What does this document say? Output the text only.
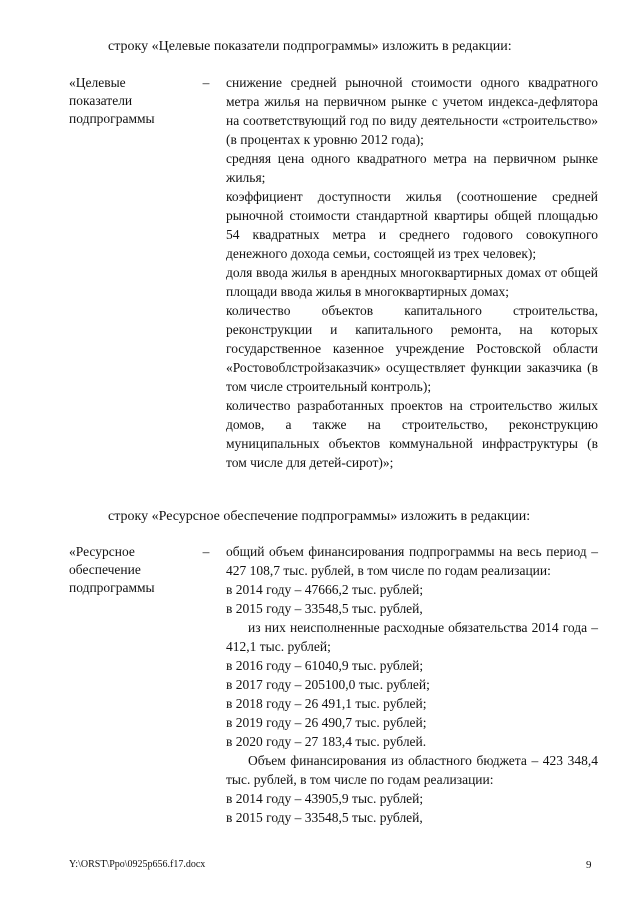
строку «Целевые показатели подпрограммы» изложить в редакции:
«Целевые
показатели
подпрограммы
– снижение средней рыночной стоимости одного квадратного метра жилья на первичном рынке с учетом индекса-дефлятора на соответствующий год по виду деятельности «строительство» (в процентах к уровню 2012 года);

средняя цена одного квадратного метра на первичном рынке жилья;

коэффициент доступности жилья (соотношение средней рыночной стоимости стандартной квартиры общей площадью 54 квадратных метра и среднего годового совокупного денежного дохода семьи, состоящей из трех человек);

доля ввода жилья в арендных многоквартирных домах от общей площади ввода жилья в многоквартирных домах;

количество объектов капитального строительства, реконструкции и капитального ремонта, на которых государственное казенное учреждение Ростовской области «Ростовоблстройзаказчик» осуществляет функции заказчика (в том числе строительный контроль);

количество разработанных проектов на строительство жилых домов, а также на строительство, реконструкцию муниципальных объектов коммунальной инфраструктуры (в том числе для детей-сирот)»;

строку «Ресурсное обеспечение подпрограммы» изложить в редакции:
«Ресурсное
обеспечение
подпрограммы
– общий объем финансирования подпрограммы на весь период – 427 108,7 тыс. рублей, в том числе по годам реализации:

в 2014 году – 47666,2 тыс. рублей;

в 2015 году – 33548,5 тыс. рублей,

из них неисполненные расходные обязательства 2014 года – 412,1 тыс. рублей;

в 2016 году – 61040,9 тыс. рублей;

в 2017 году – 205100,0 тыс. рублей;

в 2018 году – 26 491,1 тыс. рублей;

в 2019 году – 26 490,7 тыс. рублей;

в 2020 году – 27 183,4 тыс. рублей.

Объем финансирования из областного бюджета – 423 348,4 тыс. рублей, в том числе по годам реализации:

в 2014 году – 43905,9 тыс. рублей;

в 2015 году – 33548,5 тыс. рублей,

Y:\ORST\Ppo\0925p656.f17.docx	9
